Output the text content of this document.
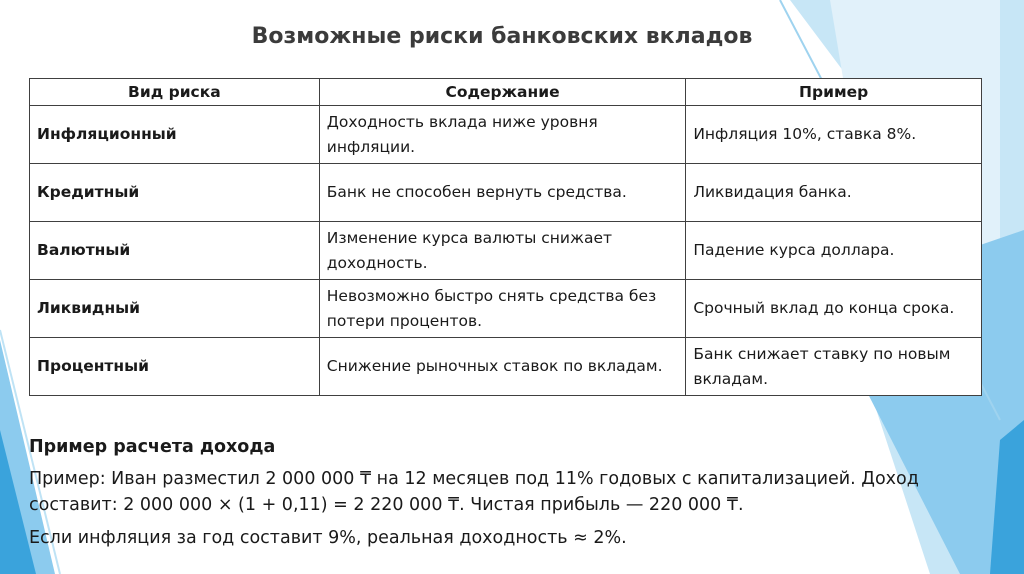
Возможные риски банковских вкладов
Вид риска	Содержание	Пример
Инфляционный	Доходность вклада ниже уровня инфляции.	Инфляция 10%, ставка 8%.
Кредитный	Банк не способен вернуть средства.	Ликвидация банка.
Валютный	Изменение курса валюты снижает доходность.	Падение курса доллара.
Ликвидный	Невозможно быстро снять средства без потери процентов.	Срочный вклад до конца срока.
Процентный	Снижение рыночных ставок по вкладам.	Банк снижает ставку по новым вкладам.
Пример расчета дохода

Пример: Иван разместил 2 000 000 ₸ на 12 месяцев под 11% годовых с капитализацией. Доход составит: 2 000 000 × (1 + 0,11) = 2 220 000 ₸. Чистая прибыль — 220 000 ₸.

Если инфляция за год составит 9%, реальная доходность ≈ 2%.
